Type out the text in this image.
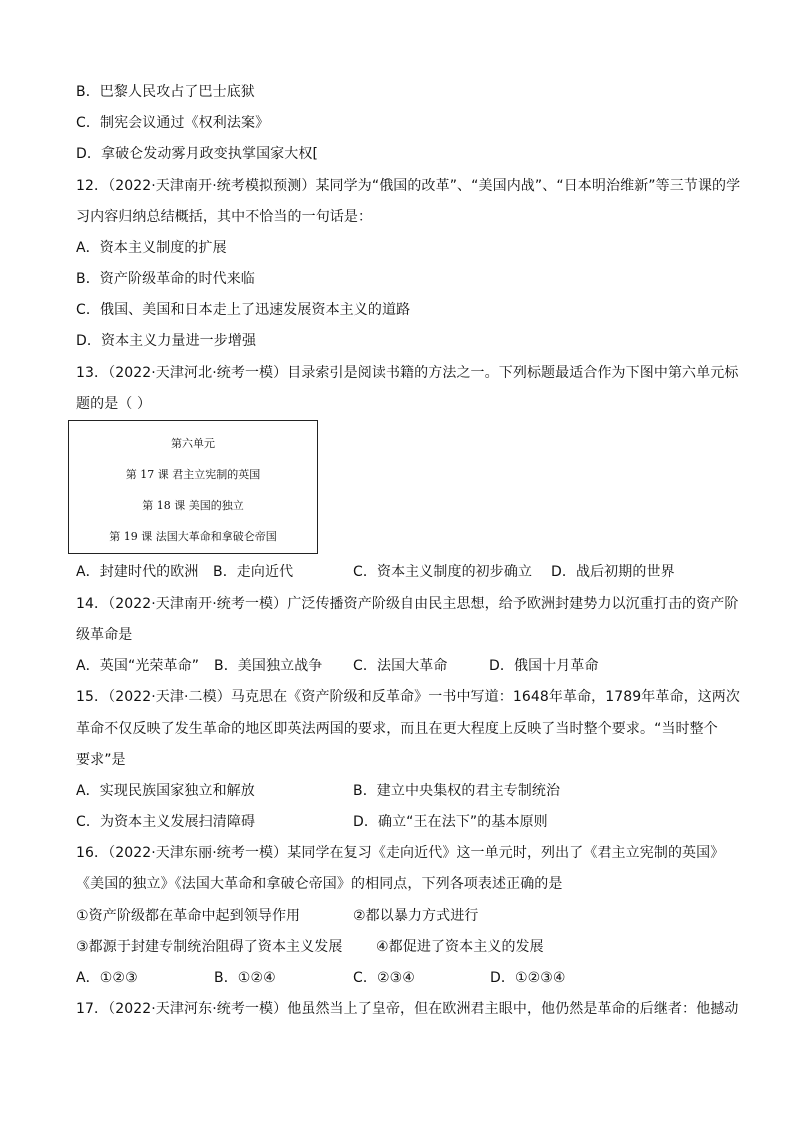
B．巴黎人民攻占了巴士底狱
C．制宪会议通过《权利法案》
D．拿破仑发动雾月政变执掌国家大权[
12．（2022·天津南开·统考模拟预测）某同学为“俄国的改革”、“美国内战”、“日本明治维新”等三节课的学
习内容归纳总结概括，其中不恰当的一句话是：
A．资本主义制度的扩展
B．资产阶级革命的时代来临
C．俄国、美国和日本走上了迅速发展资本主义的道路
D．资本主义力量进一步增强
13．（2022·天津河北·统考一模）目录索引是阅读书籍的方法之一。下列标题最适合作为下图中第六单元标
题的是（ ）
第六单元
第 17 课 君主立宪制的英国
第 18 课 美国的独立
第 19 课 法国大革命和拿破仑帝国
A．封建时代的欧洲 B．走向近代	C．资本主义制度的初步确立 D．战后初期的世界
14．（2022·天津南开·统考一模）广泛传播资产阶级自由民主思想，给予欧洲封建势力以沉重打击的资产阶
级革命是
A．英国“光荣革命” B．美国独立战争 C．法国大革命	D．俄国十月革命
15．（2022·天津·二模）马克思在《资产阶级和反革命》一书中写道：1648年革命，1789年革命，这两次
革命不仅反映了发生革命的地区即英法两国的要求，而且在更大程度上反映了当时整个要求。“当时整个
要求”是
A．实现民族国家独立和解放	B．建立中央集权的君主专制统治
C．为资本主义发展扫清障碍	D．确立“王在法下”的基本原则
16．（2022·天津东丽·统考一模）某同学在复习《走向近代》这一单元时，列出了《君主立宪制的英国》
《美国的独立》《法国大革命和拿破仑帝国》的相同点，下列各项表述正确的是
①资产阶级都在革命中起到领导作用	②都以暴力方式进行
③都源于封建专制统治阻碍了资本主义发展 ④都促进了资本主义的发展
A．①②③	B．①②④	C．②③④	D．①②③④
17．（2022·天津河东·统考一模）他虽然当上了皇帝，但在欧洲君主眼中，他仍然是革命的后继者：他撼动
